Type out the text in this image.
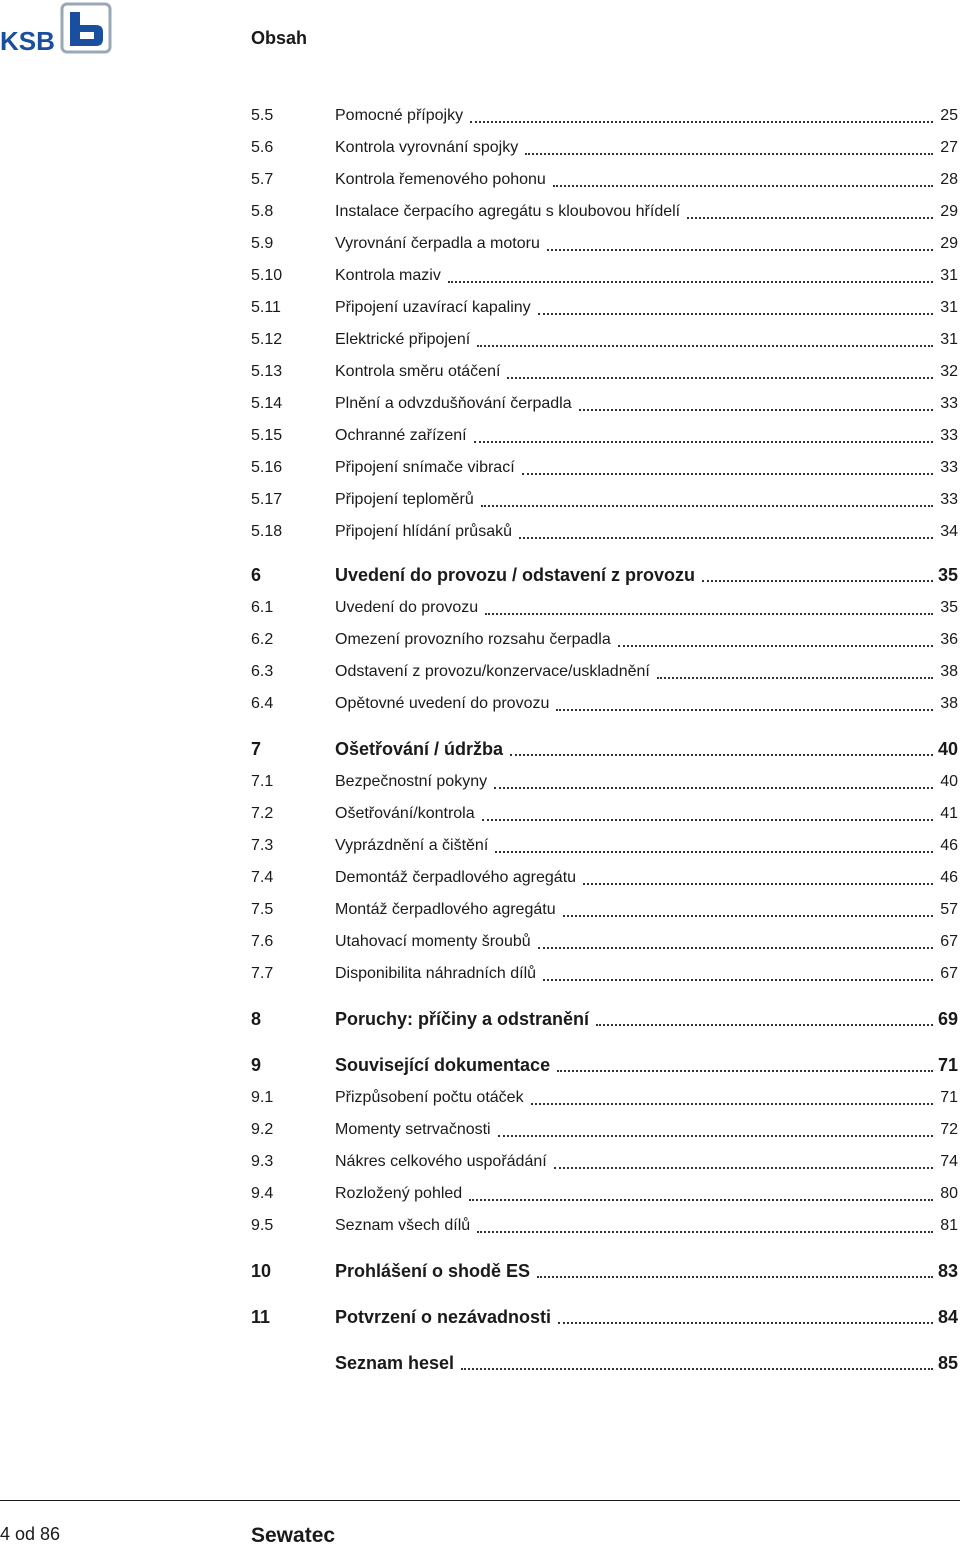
KSB	Obsah
5.5	Pomocné přípojky	25
5.6	Kontrola vyrovnání spojky	27
5.7	Kontrola řemenového pohonu	28
5.8	Instalace čerpacího agregátu s kloubovou hřídelí	29
5.9	Vyrovnání čerpadla a motoru	29
5.10	Kontrola maziv	31
5.11	Připojení uzavírací kapaliny	31
5.12	Elektrické připojení	31
5.13	Kontrola směru otáčení	32
5.14	Plnění a odvzdušňování čerpadla	33
5.15	Ochranné zařízení	33
5.16	Připojení snímače vibrací	33
5.17	Připojení teploměrů	33
5.18	Připojení hlídání průsaků	34
6	Uvedení do provozu / odstavení z provozu	35
6.1	Uvedení do provozu	35
6.2	Omezení provozního rozsahu čerpadla	36
6.3	Odstavení z provozu/konzervace/uskladnění	38
6.4	Opětovné uvedení do provozu	38
7	Ošetřování / údržba	40
7.1	Bezpečnostní pokyny	40
7.2	Ošetřování/kontrola	41
7.3	Vyprázdnění a čištění	46
7.4	Demontáž čerpadlového agregátu	46
7.5	Montáž čerpadlového agregátu	57
7.6	Utahovací momenty šroubů	67
7.7	Disponibilita náhradních dílů	67
8	Poruchy: příčiny a odstranění	69
9	Související dokumentace	71
9.1	Přizpůsobení počtu otáček	71
9.2	Momenty setrvačnosti	72
9.3	Nákres celkového uspořádání	74
9.4	Rozložený pohled	80
9.5	Seznam všech dílů	81
10	Prohlášení o shodě ES	83
11	Potvrzení o nezávadnosti	84
Seznam hesel	85
4 od 86	Sewatec
